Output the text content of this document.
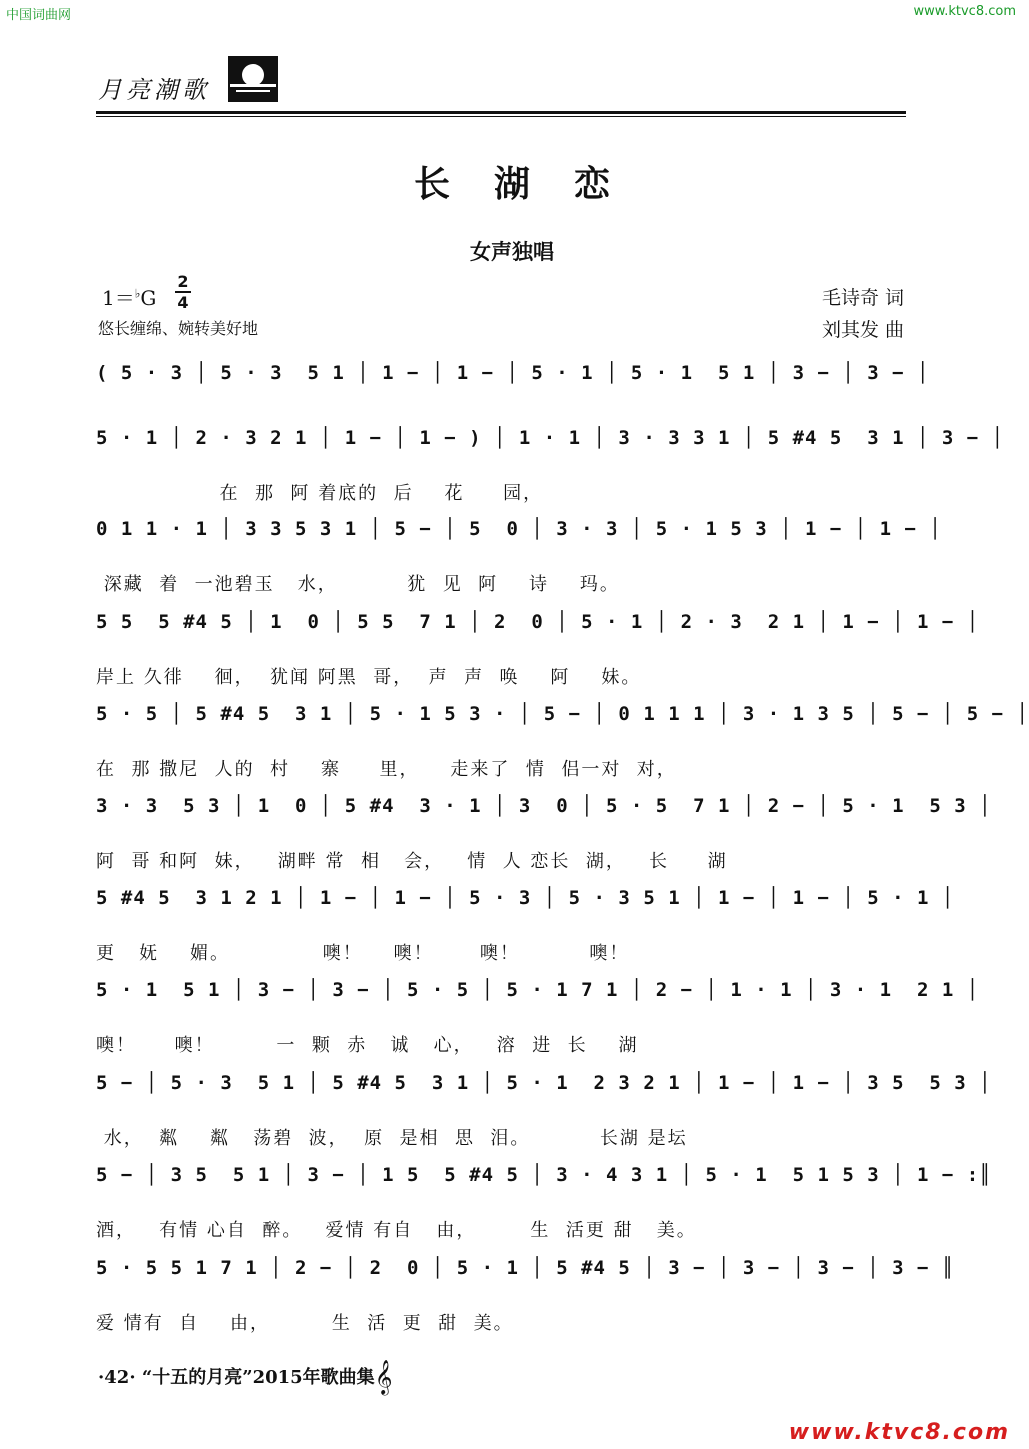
中国词曲网	www.ktvc8.com
月亮潮歌
长湖恋
女声独唱
1＝♭G
2
4
悠长缠绵、婉转美好地
毛诗奇 词
刘其发 曲
( 5 · 3 │ 5 · 3  5 1 │ 1 − │ 1 − │ 5 · 1 │ 5 · 1  5 1 │ 3 − │ 3 − │
5 · 1 │ 2 · 3 2 1 │ 1 − │ 1 − ) │ 1 · 1 │ 3 · 3 3 1 │ 5 #4 5  3 1 │ 3 − │
在  那  阿 着底的  后    花     园，
0 1 1 · 1 │ 3 3 5 3 1 │ 5 − │ 5  0 │ 3 · 3 │ 5 · 1 5 3 │ 1 − │ 1 − │
深藏  着  一池碧玉   水，         犹  见  阿    诗    玛。
5 5  5 #4 5 │ 1  0 │ 5 5  7 1 │ 2  0 │ 5 · 1 │ 2 · 3  2 1 │ 1 − │ 1 − │
岸上 久徘    徊，  犹闻 阿黑  哥，  声  声  唤    阿    妹。
5 · 5 │ 5 #4 5  3 1 │ 5 · 1 5 3 · │ 5 − │ 0 1 1 1 │ 3 · 1 3 5 │ 5 − │ 5 − │
在  那 撒尼  人的  村    寨     里，    走来了  情  侣一对  对，
3 · 3  5 3 │ 1  0 │ 5 #4  3 · 1 │ 3  0 │ 5 · 5  7 1 │ 2 − │ 5 · 1  5 3 │
阿  哥 和阿  妹，   湖畔 常  相   会，   情  人 恋长  湖，   长     湖
5 #4 5  3 1 2 1 │ 1 − │ 1 − │ 5 · 3 │ 5 · 3 5 1 │ 1 − │ 1 − │ 5 · 1 │
更   妩    媚。            噢！    噢！      噢！         噢！
5 · 1  5 1 │ 3 − │ 3 − │ 5 · 5 │ 5 · 1 7 1 │ 2 − │ 1 · 1 │ 3 · 1  2 1 │
噢！     噢！        一  颗  赤   诚   心，   溶  进  长    湖
5 − │ 5 · 3  5 1 │ 5 #4 5  3 1 │ 5 · 1  2 3 2 1 │ 1 − │ 1 − │ 3 5  5 3 │
水，  粼    粼   荡碧  波，  原  是相  思  泪。         长湖 是坛
5 − │ 3 5  5 1 │ 3 − │ 1 5  5 #4 5 │ 3 · 4 3 1 │ 5 · 1  5 1 5 3 │ 1 − :║
酒，   有情 心自  醉。   爱情 有自   由，       生  活更 甜   美。
5 · 5 5 1 7 1 │ 2 − │ 2  0 │ 5 · 1 │ 5 #4 5 │ 3 − │ 3 − │ 3 − │ 3 − ║
爱 情有  自    由，        生  活  更  甜  美。
·42· “十五的月亮”2015年歌曲集𝄞
www.ktvc8.com
